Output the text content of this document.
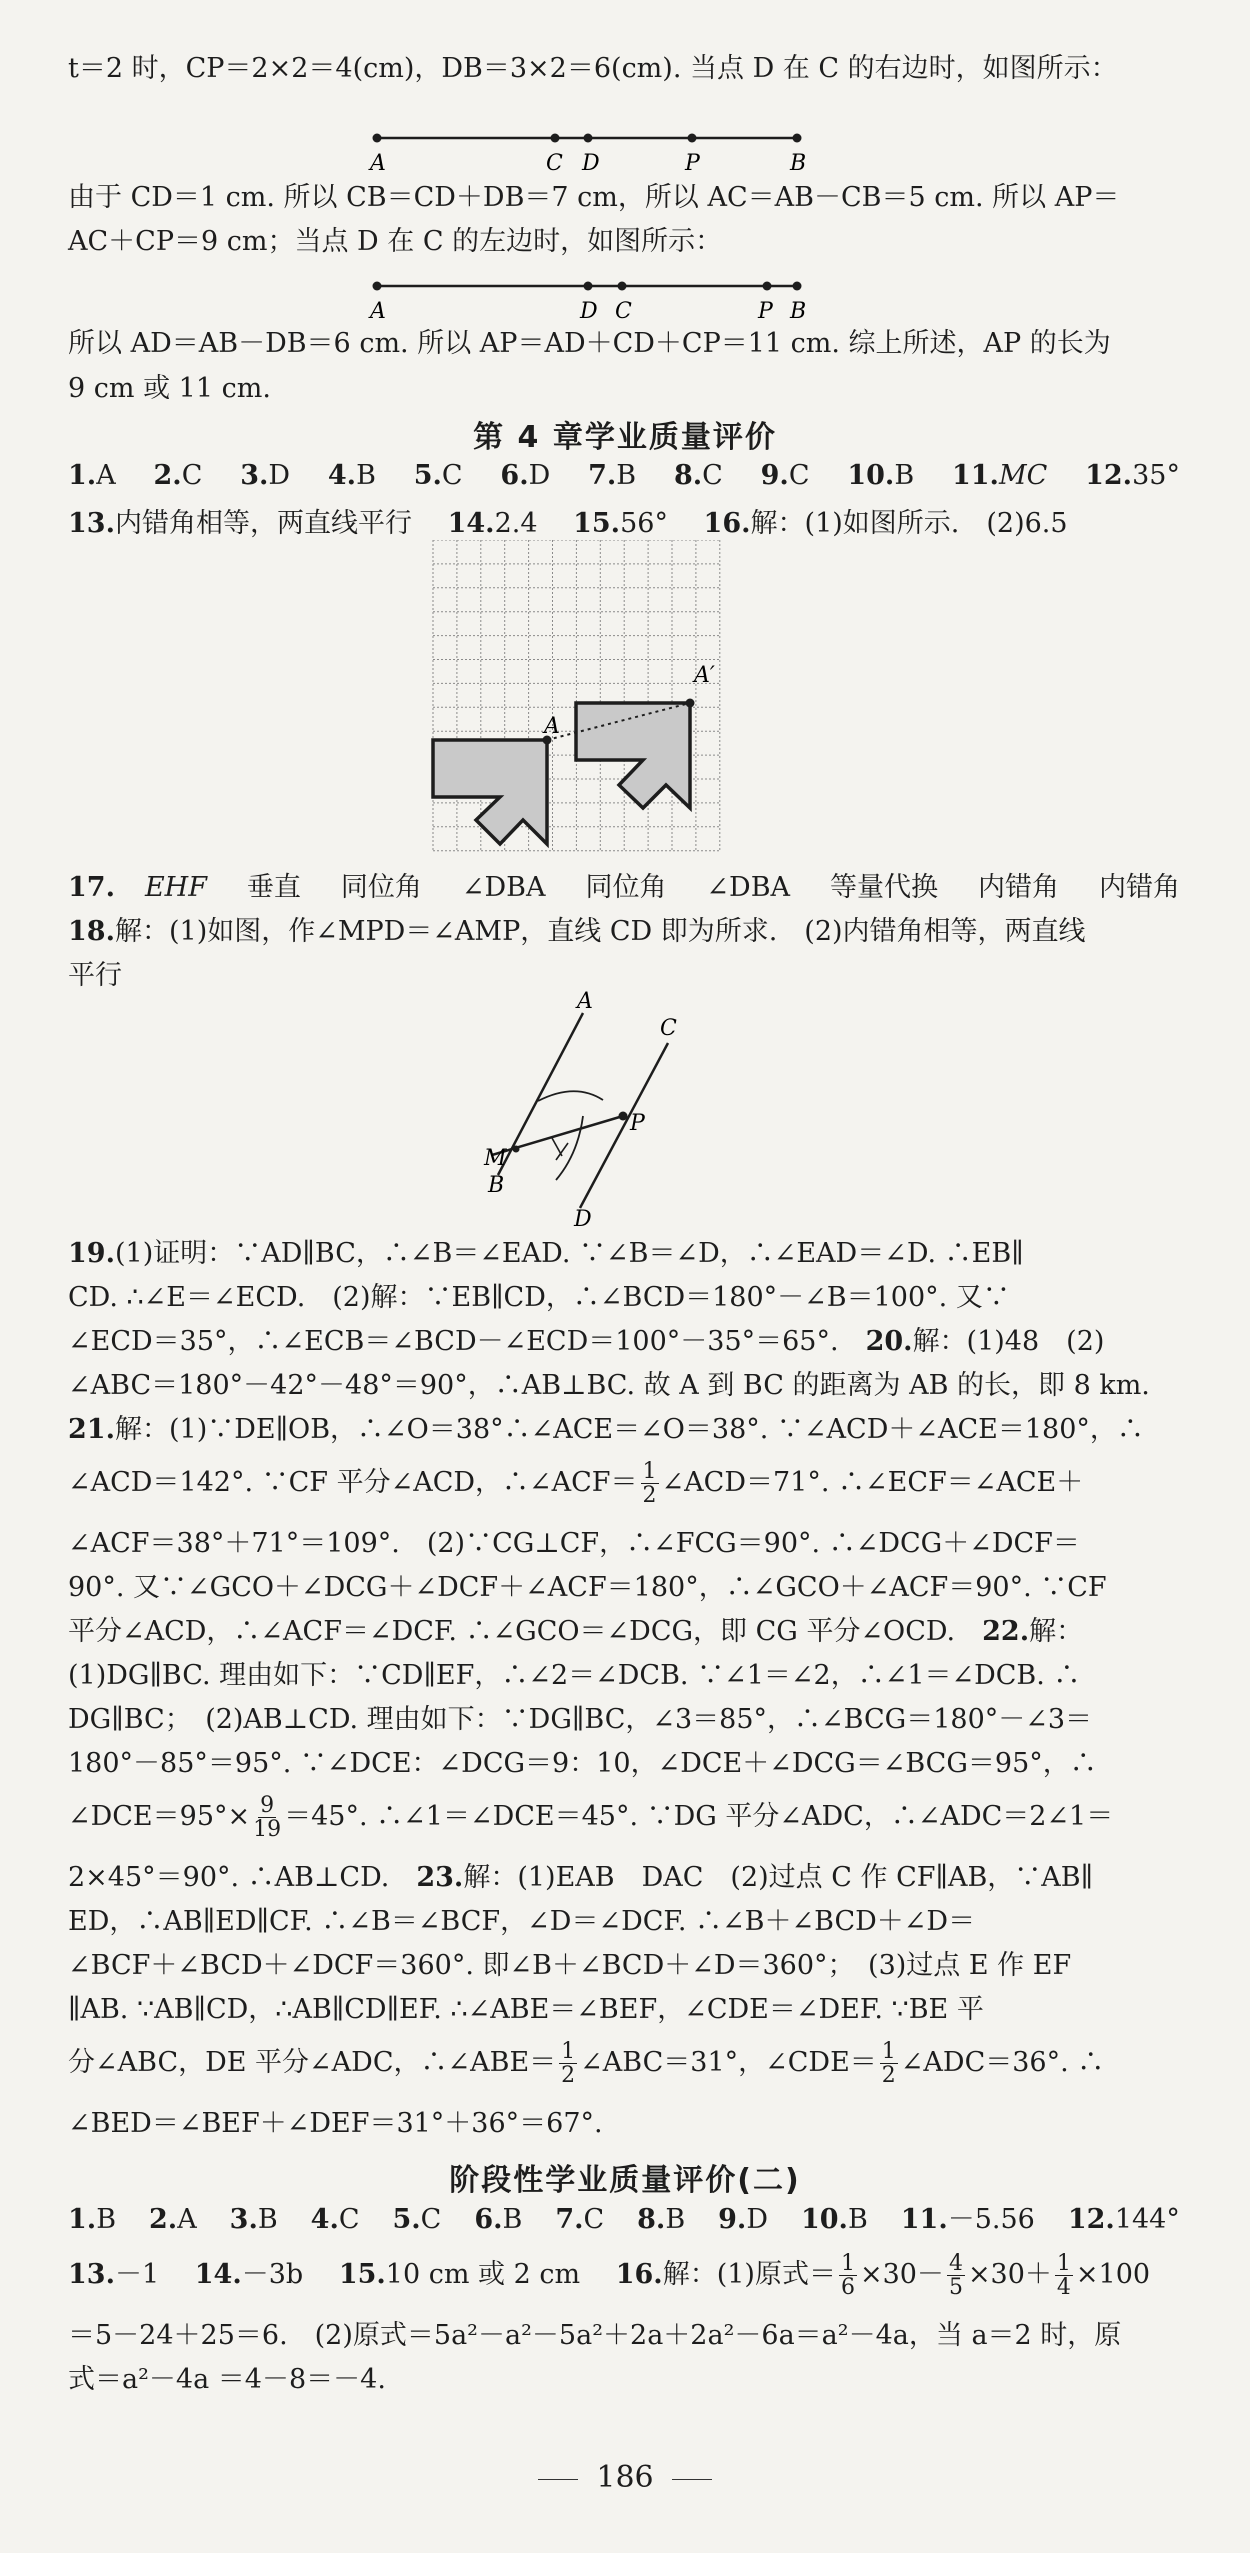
t＝2 时，CP＝2×2＝4(cm)，DB＝3×2＝6(cm). 当点 D 在 C 的右边时，如图所示：
A	C D	P	B
由于 CD＝1 cm. 所以 CB＝CD＋DB＝7 cm，所以 AC＝AB－CB＝5 cm. 所以 AP＝
AC＋CP＝9 cm；当点 D 在 C 的左边时，如图所示：
A	D C	P B
所以 AD＝AB－DB＝6 cm. 所以 AP＝AD＋CD＋CP＝11 cm. 综上所述，AP 的长为
9 cm 或 11 cm.
第 4 章学业质量评价
1.A 2.C 3.D 4.B 5.C 6.D 7.B 8.C 9.C 10.B 11.MC 12.35°
13.内错角相等，两直线平行　 14.2.4　 15.56°　 16.解：(1)如图所示.　(2)6.5
A
A′
17. EHF 垂直 同位角 ∠DBA 同位角 ∠DBA 等量代换 内错角 内错角
18.解：(1)如图，作∠MPD＝∠AMP，直线 CD 即为所求.　(2)内错角相等，两直线
平行
A
C
P
M
B
D
19.(1)证明：∵AD∥BC，∴∠B＝∠EAD. ∵∠B＝∠D，∴∠EAD＝∠D. ∴EB∥
CD. ∴∠E＝∠ECD.　(2)解：∵EB∥CD，∴∠BCD＝180°－∠B＝100°. 又∵
∠ECD＝35°，∴∠ECB＝∠BCD－∠ECD＝100°－35°＝65°.　 20.解：(1)48　(2)
∠ABC＝180°－42°－48°＝90°，∴AB⊥BC. 故 A 到 BC 的距离为 AB 的长，即 8 km.
21.解：(1)∵DE∥OB，∴∠O＝38°∴∠ACE＝∠O＝38°. ∵∠ACD＋∠ACE＝180°，∴
∠ACD＝142°. ∵CF 平分∠ACD，∴∠ACF＝ $\frac{1}{2}$ ∠ACD＝71°. ∴∠ECF＝∠ACE＋
∠ACF＝38°＋71°＝109°.　(2)∵CG⊥CF，∴∠FCG＝90°. ∴∠DCG＋∠DCF＝
90°. 又∵∠GCO＋∠DCG＋∠DCF＋∠ACF＝180°，∴∠GCO＋∠ACF＝90°. ∵CF
平分∠ACD，∴∠ACF＝∠DCF. ∴∠GCO＝∠DCG，即 CG 平分∠OCD.　 22.解：
(1)DG∥BC. 理由如下：∵CD∥EF，∴∠2＝∠DCB. ∵∠1＝∠2，∴∠1＝∠DCB. ∴
DG∥BC；　(2)AB⊥CD. 理由如下：∵DG∥BC，∠3＝85°，∴∠BCG＝180°－∠3＝
180°－85°＝95°. ∵∠DCE：∠DCG＝9：10，∠DCE＋∠DCG＝∠BCG＝95°，∴
∠DCE＝95°× $\frac{9}{19} =45^\circ$. ∴∠1＝∠DCE＝45°. ∵DG 平分∠ADC，∴∠ADC＝2∠1＝
2×45°＝90°. ∴AB⊥CD.　 23.解：(1)EAB　DAC　(2)过点 C 作 CF∥AB，∵AB∥
ED，∴AB∥ED∥CF. ∴∠B＝∠BCF，∠D＝∠DCF. ∴∠B＋∠BCD＋∠D＝
∠BCF＋∠BCD＋∠DCF＝360°. 即∠B＋∠BCD＋∠D＝360°；　(3)过点 E 作 EF
∥AB. ∵AB∥CD，∴AB∥CD∥EF. ∴∠ABE＝∠BEF，∠CDE＝∠DEF. ∵BE 平
分∠ABC，DE 平分∠ADC，∴∠ABE＝ $\frac{1}{2}$ ∠ABC＝31°，∠CDE＝ $\frac{1}{2}$ ∠ADC＝36°. ∴
∠BED＝∠BEF＋∠DEF＝31°＋36°＝67°.
阶段性学业质量评价(二)
1.B 2.A 3.B 4.C 5.C 6.B 7.C 8.B 9.D 10.B 11.－5.56 12.144°
13.－1　 14.－3b　 15.10 cm 或 2 cm　 16.解：(1)原式＝ $\frac{1}{6} \times 30- \frac{4}{5} \times 30+ \frac{1}{4} \times 100$
＝5－24＋25＝6.　(2)原式＝5a²－a²－5a²＋2a＋2a²－6a＝a²－4a，当 a＝2 时，原
式＝a²－4a ＝4－8＝－4.
186
